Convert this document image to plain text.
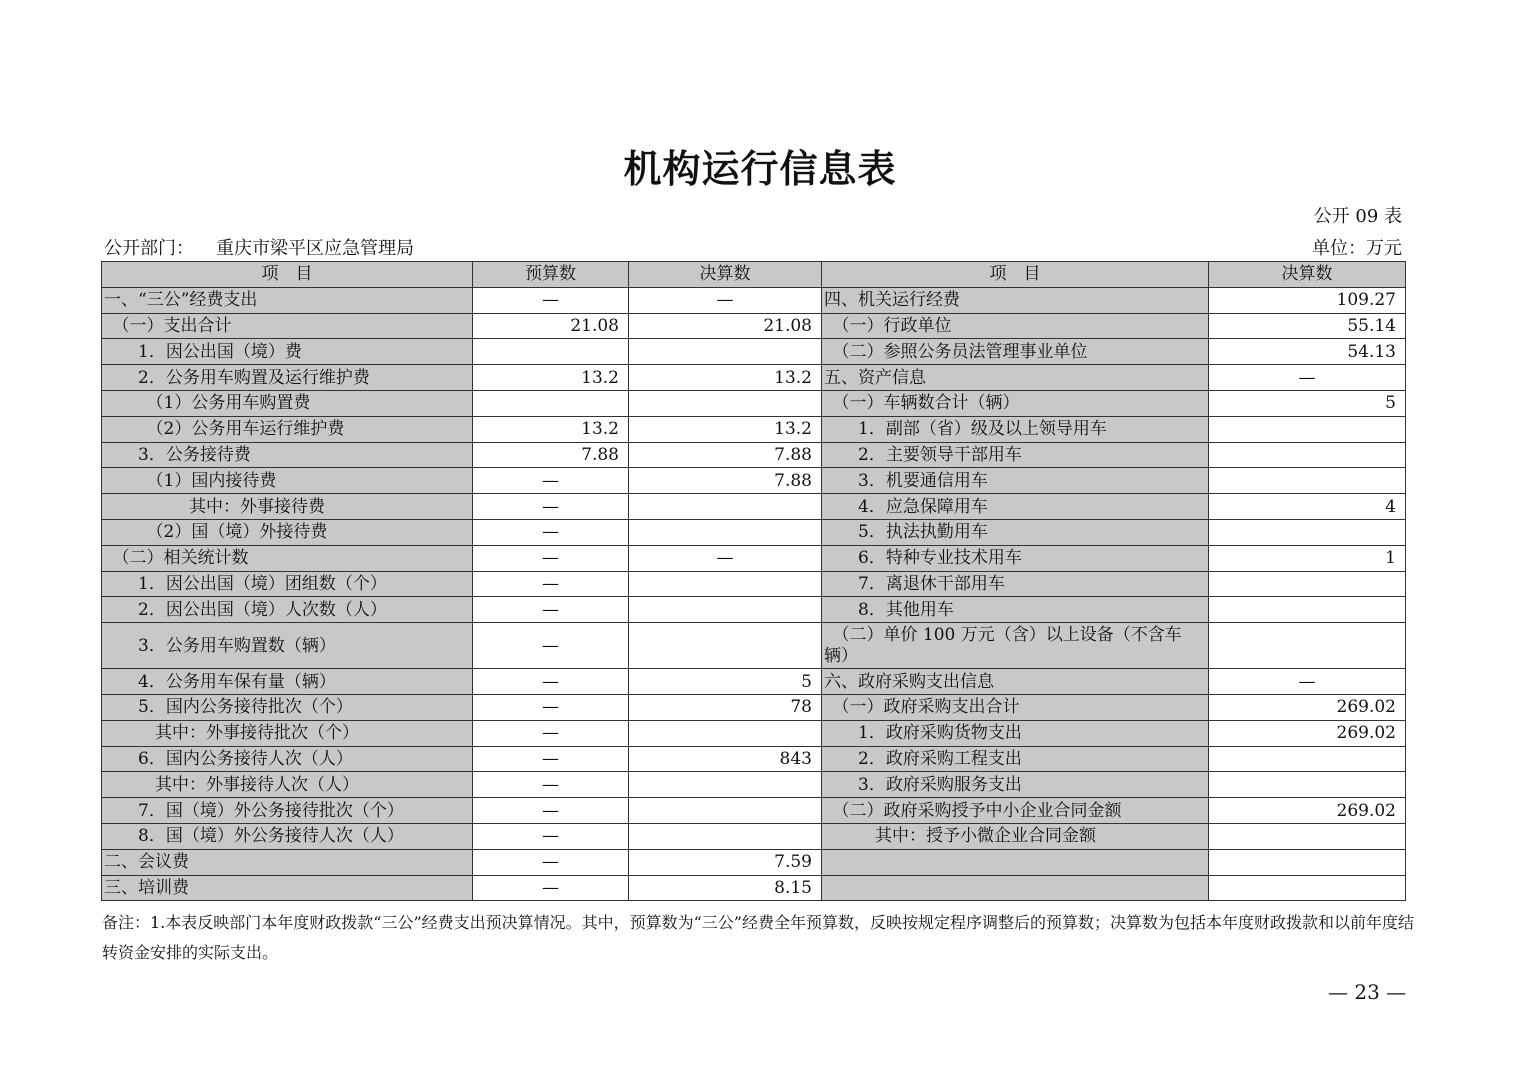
机构运行信息表
公开 09 表
公开部门： 重庆市梁平区应急管理局	单位：万元
项　目	预算数	决算数	项　目	决算数
一、“三公”经费支出	—	—	四、机关运行经费	109.27
　（一）支出合计	21.08	21.08	　（一）行政单位	55.14
　　1．因公出国（境）费			　（二）参照公务员法管理事业单位	54.13
　　2．公务用车购置及运行维护费	13.2	13.2	五、资产信息	—
　　　（1）公务用车购置费			　（一）车辆数合计（辆）	5
　　　（2）公务用车运行维护费	13.2	13.2	　　1．副部（省）级及以上领导用车	
　　3．公务接待费	7.88	7.88	　　2．主要领导干部用车	
　　　（1）国内接待费	—	7.88	　　3．机要通信用车	
　　　　　其中：外事接待费	—		　　4．应急保障用车	4
　　　（2）国（境）外接待费	—		　　5．执法执勤用车	
　（二）相关统计数	—	—	　　6．特种专业技术用车	1
　　1．因公出国（境）团组数（个）	—		　　7．离退休干部用车	
　　2．因公出国（境）人次数（人）	—		　　8．其他用车	
　　3．公务用车购置数（辆）	—		　（二）单价 100 万元（含）以上设备（不含车辆）	
　　4．公务用车保有量（辆）	—	5	六、政府采购支出信息	—
　　5．国内公务接待批次（个）	—	78	　（一）政府采购支出合计	269.02
　　　其中：外事接待批次（个）	—		　　1．政府采购货物支出	269.02
　　6．国内公务接待人次（人）	—	843	　　2．政府采购工程支出	
　　　其中：外事接待人次（人）	—		　　3．政府采购服务支出	
　　7．国（境）外公务接待批次（个）	—		　（二）政府采购授予中小企业合同金额	269.02
　　8．国（境）外公务接待人次（人）	—		　　　其中：授予小微企业合同金额	
二、会议费	—	7.59		
三、培训费	—	8.15		
备注：1.本表反映部门本年度财政拨款“三公”经费支出预决算情况。其中，预算数为“三公”经费全年预算数，反映按规定程序调整后的预算数；决算数为包括本年度财政拨款和以前年度结转资金安排的实际支出。
— 23 —
